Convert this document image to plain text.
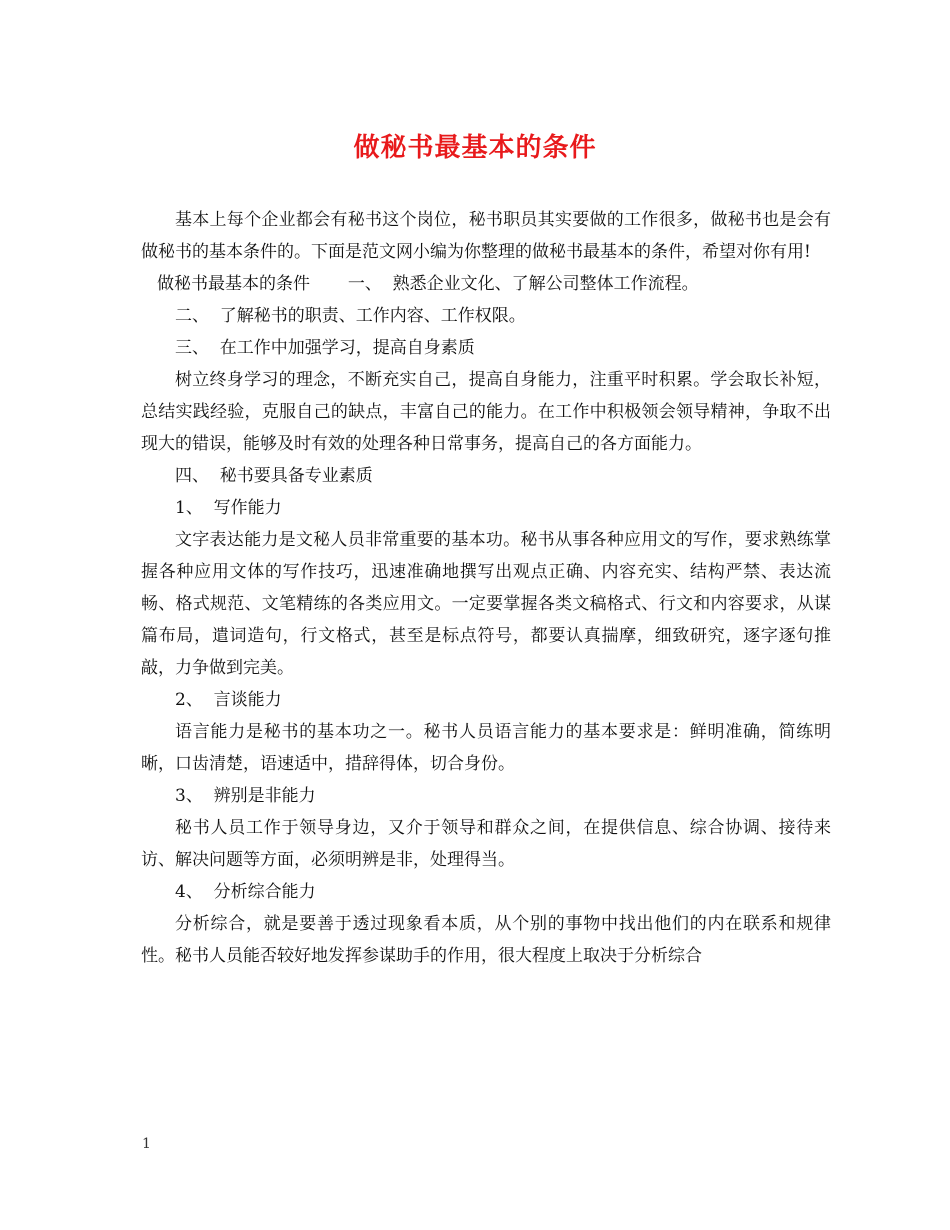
做秘书最基本的条件

基本上每个企业都会有秘书这个岗位，秘书职员其实要做的工作很多，做秘书也是会有做秘书的基本条件的。下面是范文网小编为你整理的做秘书最基本的条件，希望对你有用!

做秘书最基本的条件       一、  熟悉企业文化、了解公司整体工作流程。

二、  了解秘书的职责、工作内容、工作权限。

三、  在工作中加强学习，提高自身素质

树立终身学习的理念，不断充实自己，提高自身能力，注重平时积累。学会取长补短，总结实践经验，克服自己的缺点，丰富自己的能力。在工作中积极领会领导精神，争取不出现大的错误，能够及时有效的处理各种日常事务，提高自己的各方面能力。

四、  秘书要具备专业素质

1、  写作能力

文字表达能力是文秘人员非常重要的基本功。秘书从事各种应用文的写作，要求熟练掌握各种应用文体的写作技巧，迅速准确地撰写出观点正确、内容充实、结构严禁、表达流畅、格式规范、文笔精练的各类应用文。一定要掌握各类文稿格式、行文和内容要求，从谋篇布局，遣词造句，行文格式，甚至是标点符号，都要认真揣摩，细致研究，逐字逐句推敲，力争做到完美。

2、  言谈能力

语言能力是秘书的基本功之一。秘书人员语言能力的基本要求是：鲜明准确，简练明晰，口齿清楚，语速适中，措辞得体，切合身份。

3、  辨别是非能力

秘书人员工作于领导身边，又介于领导和群众之间，在提供信息、综合协调、接待来访、解决问题等方面，必须明辨是非，处理得当。

4、  分析综合能力

分析综合，就是要善于透过现象看本质，从个别的事物中找出他们的内在联系和规律性。秘书人员能否较好地发挥参谋助手的作用，很大程度上取决于分析综合

1
